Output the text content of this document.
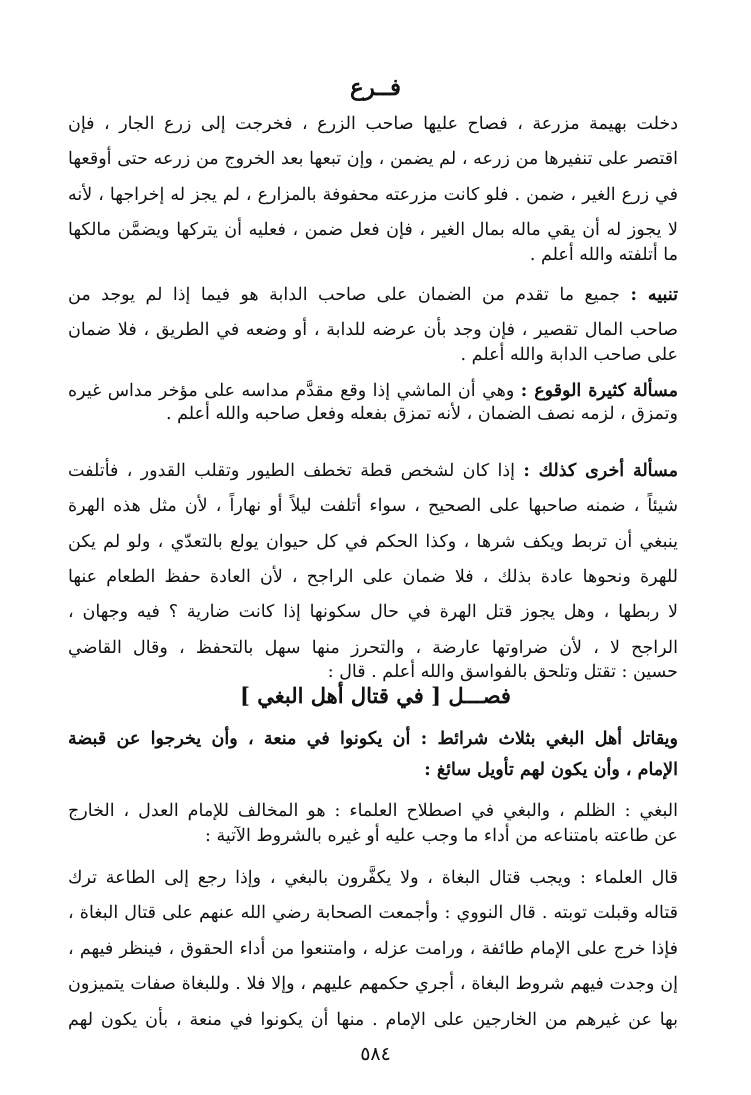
فــرع
دخلت بهيمة مزرعة ، فصاح عليها صاحب الزرع ، فخرجت إلى زرع الجار ، فإن
اقتصر على تنفيرها من زرعه ، لم يضمن ، وإن تبعها بعد الخروج من زرعه حتى أوقعها
في زرع الغير ، ضمن . فلو كانت مزرعته محفوفة بالمزارع ، لم يجز له إخراجها ، لأنه
لا يجوز له أن يقي ماله بمال الغير ، فإن فعل ضمن ، فعليه أن يتركها ويضمَّن مالكها
ما أتلفته والله أعلم .
تنبيه : جميع ما تقدم من الضمان على صاحب الدابة هو فيما إذا لم يوجد من
صاحب المال تقصير ، فإن وجد بأن عرضه للدابة ، أو وضعه في الطريق ، فلا ضمان
على صاحب الدابة والله أعلم .
مسألة كثيرة الوقوع : وهي أن الماشي إذا وقع مقدَّم مداسه على مؤخر مداس غيره
وتمزق ، لزمه نصف الضمان ، لأنه تمزق بفعله وفعل صاحبه والله أعلم .
مسألة أخرى كذلك : إذا كان لشخص قطة تخطف الطيور وتقلب القدور ، فأتلفت
شيئاً ، ضمنه صاحبها على الصحيح ، سواء أتلفت ليلاً أو نهاراً ، لأن مثل هذه الهرة
ينبغي أن تربط ويكف شرها ، وكذا الحكم في كل حيوان يولع بالتعدّي ، ولو لم يكن
للهرة ونحوها عادة بذلك ، فلا ضمان على الراجح ، لأن العادة حفظ الطعام عنها
لا ربطها ، وهل يجوز قتل الهرة في حال سكونها إذا كانت ضارية ؟ فيه وجهان ،
الراجح لا ، لأن ضراوتها عارضة ، والتحرز منها سهل بالتحفظ ، وقال القاضي
حسين : تقتل وتلحق بالفواسق والله أعلم . قال :
فصـــل [ في قتال أهل البغي ]
ويقاتل أهل البغي بثلاث شرائط : أن يكونوا في منعة ، وأن يخرجوا عن قبضة
الإمام ، وأن يكون لهم تأويل سائغ :
البغي : الظلم ، والبغي في اصطلاح العلماء : هو المخالف للإمام العدل ، الخارج
عن طاعته بامتناعه من أداء ما وجب عليه أو غيره بالشروط الآتية :
قال العلماء : ويجب قتال البغاة ، ولا يكفَّرون بالبغي ، وإذا رجع إلى الطاعة ترك
قتاله وقبلت توبته . قال النووي : وأجمعت الصحابة رضي الله عنهم على قتال البغاة ،
فإذا خرج على الإمام طائفة ، ورامت عزله ، وامتنعوا من أداء الحقوق ، فينظر فيهم ،
إن وجدت فيهم شروط البغاة ، أجري حكمهم عليهم ، وإلا فلا . وللبغاة صفات يتميزون
بها عن غيرهم من الخارجين على الإمام . منها أن يكونوا في منعة ، بأن يكون لهم
٥٨٤
